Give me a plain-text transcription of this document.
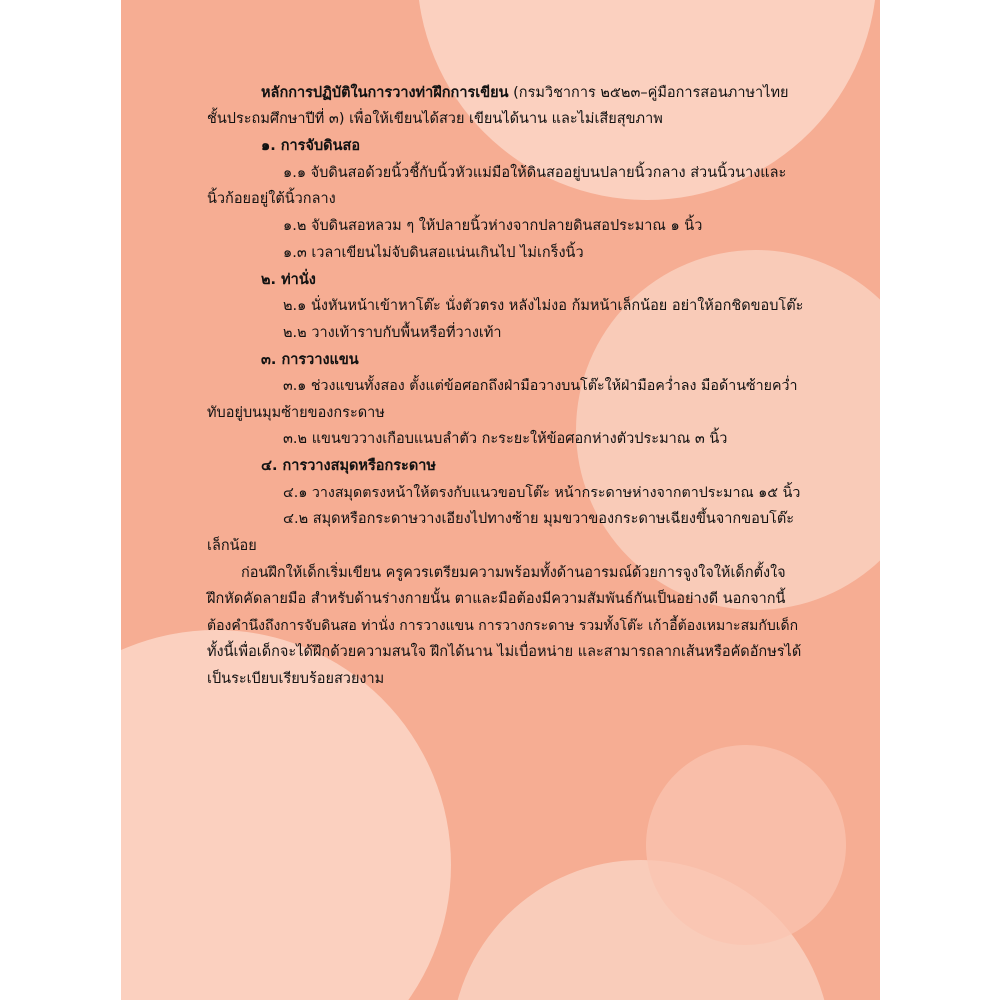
หลักการปฏิบัติในการวางท่าฝึกการเขียน (กรมวิชาการ ๒๕๒๓–คู่มือการสอนภาษาไทย
ชั้นประถมศึกษาปีที่ ๓) เพื่อให้เขียนได้สวย เขียนได้นาน และไม่เสียสุขภาพ
๑. การจับดินสอ
๑.๑ จับดินสอด้วยนิ้วชี้กับนิ้วหัวแม่มือให้ดินสออยู่บนปลายนิ้วกลาง ส่วนนิ้วนางและ
นิ้วก้อยอยู่ใต้นิ้วกลาง
๑.๒ จับดินสอหลวม ๆ ให้ปลายนิ้วห่างจากปลายดินสอประมาณ ๑ นิ้ว
๑.๓ เวลาเขียนไม่จับดินสอแน่นเกินไป ไม่เกร็งนิ้ว
๒. ท่านั่ง
๒.๑ นั่งหันหน้าเข้าหาโต๊ะ นั่งตัวตรง หลังไม่งอ ก้มหน้าเล็กน้อย อย่าให้อกชิดขอบโต๊ะ
๒.๒ วางเท้าราบกับพื้นหรือที่วางเท้า
๓. การวางแขน
๓.๑ ช่วงแขนทั้งสอง ตั้งแต่ข้อศอกถึงฝ่ามือวางบนโต๊ะให้ฝ่ามือคว่ำลง มือด้านซ้ายคว่ำ
ทับอยู่บนมุมซ้ายของกระดาษ
๓.๒ แขนขววางเกือบแนบลำตัว กะระยะให้ข้อศอกห่างตัวประมาณ ๓ นิ้ว
๔. การวางสมุดหรือกระดาษ
๔.๑ วางสมุดตรงหน้าให้ตรงกับแนวขอบโต๊ะ หน้ากระดาษห่างจากตาประมาณ ๑๕ นิ้ว
๔.๒ สมุดหรือกระดาษวางเอียงไปทางซ้าย มุมขวาของกระดาษเฉียงขึ้นจากขอบโต๊ะ
เล็กน้อย
ก่อนฝึกให้เด็กเริ่มเขียน ครูควรเตรียมความพร้อมทั้งด้านอารมณ์ด้วยการจูงใจให้เด็กตั้งใจ
ฝึกหัดคัดลายมือ สำหรับด้านร่างกายนั้น ตาและมือต้องมีความสัมพันธ์กันเป็นอย่างดี นอกจากนี้
ต้องคำนึงถึงการจับดินสอ ท่านั่ง การวางแขน การวางกระดาษ รวมทั้งโต๊ะ เก้าอี้ต้องเหมาะสมกับเด็ก
ทั้งนี้เพื่อเด็กจะได้ฝึกด้วยความสนใจ ฝึกได้นาน ไม่เบื่อหน่าย และสามารถลากเส้นหรือคัดอักษรได้
เป็นระเบียบเรียบร้อยสวยงาม
